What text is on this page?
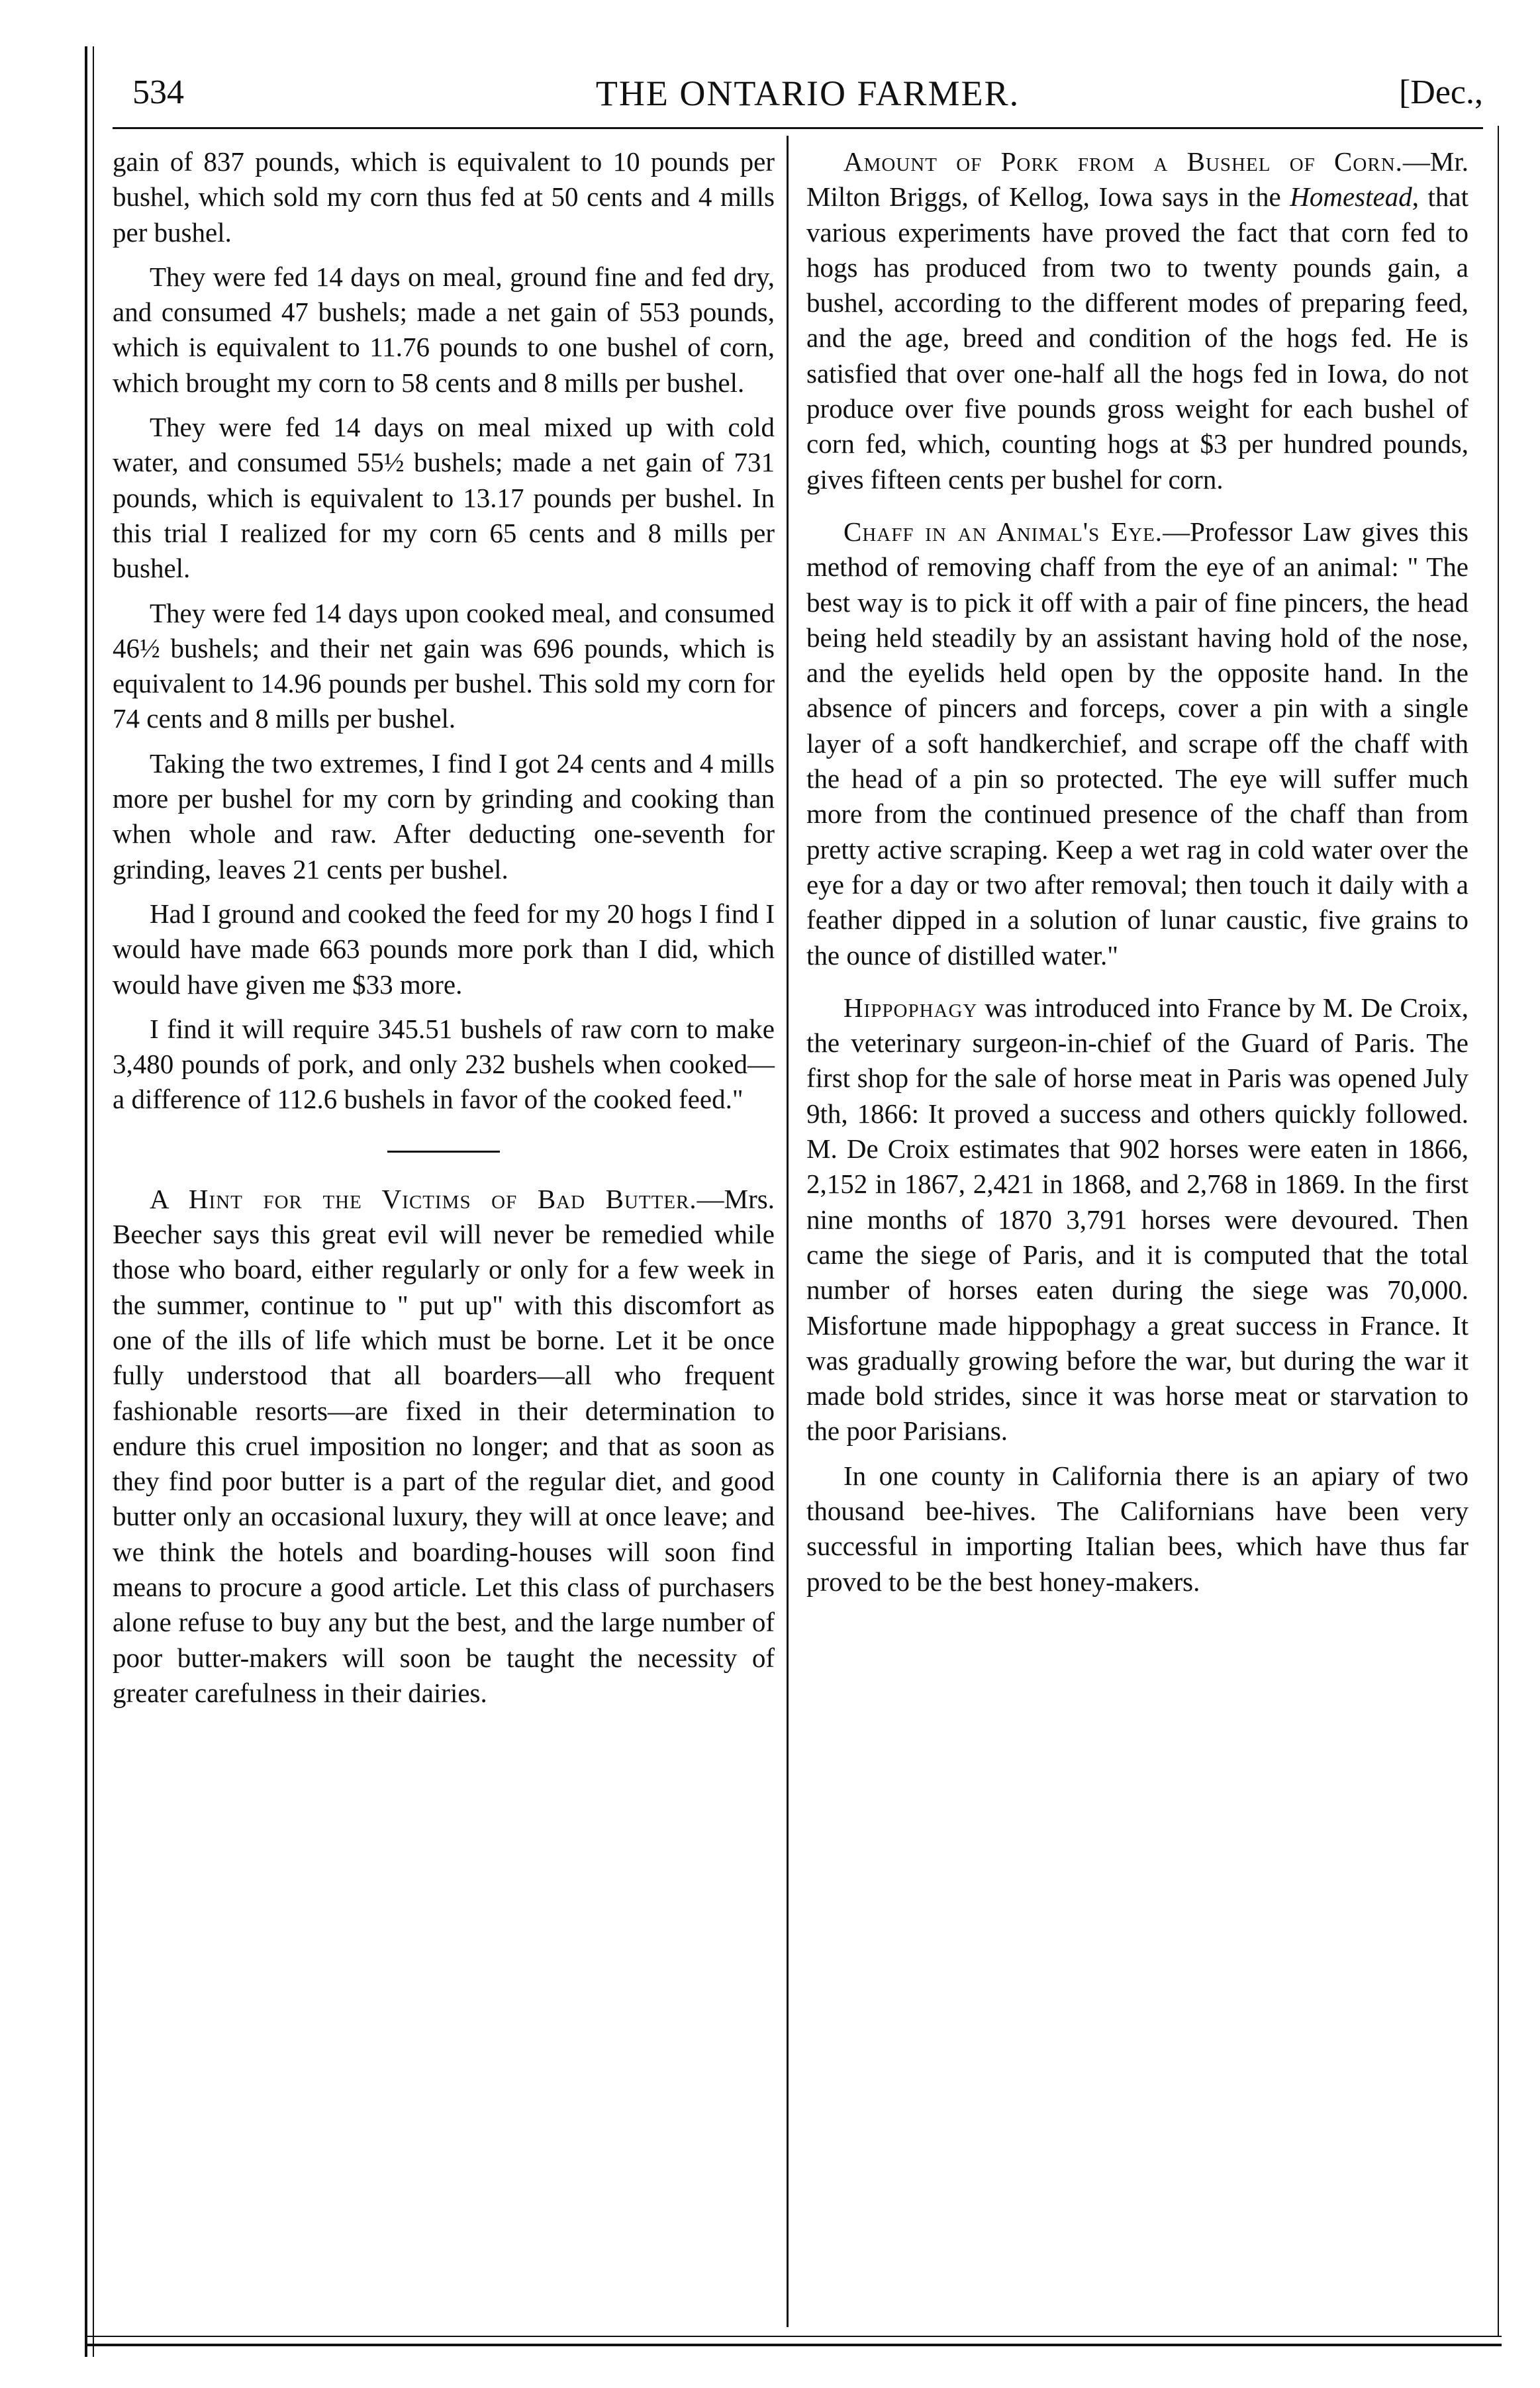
534	THE ONTARIO FARMER.	[Dec.,

gain of 837 pounds, which is equivalent to 10 pounds per bushel, which sold my corn thus fed at 50 cents and 4 mills per bushel.

They were fed 14 days on meal, ground fine and fed dry, and consumed 47 bushels; made a net gain of 553 pounds, which is equivalent to 11.76 pounds to one bushel of corn, which brought my corn to 58 cents and 8 mills per bushel.

They were fed 14 days on meal mixed up with cold water, and consumed 55½ bushels; made a net gain of 731 pounds, which is equivalent to 13.17 pounds per bushel. In this trial I realized for my corn 65 cents and 8 mills per bushel.

They were fed 14 days upon cooked meal, and consumed 46½ bushels; and their net gain was 696 pounds, which is equivalent to 14.96 pounds per bushel. This sold my corn for 74 cents and 8 mills per bushel.

Taking the two extremes, I find I got 24 cents and 4 mills more per bushel for my corn by grinding and cooking than when whole and raw. After deducting one-seventh for grinding, leaves 21 cents per bushel.

Had I ground and cooked the feed for my 20 hogs I find I would have made 663 pounds more pork than I did, which would have given me $33 more.

I find it will require 345.51 bushels of raw corn to make 3,480 pounds of pork, and only 232 bushels when cooked—a difference of 112.6 bushels in favor of the cooked feed."

A Hint for the Victims of Bad Butter.—Mrs. Beecher says this great evil will never be remedied while those who board, either regularly or only for a few week in the summer, continue to " put up" with this discomfort as one of the ills of life which must be borne. Let it be once fully understood that all boarders—all who frequent fashionable resorts—are fixed in their determination to endure this cruel imposition no longer; and that as soon as they find poor butter is a part of the regular diet, and good butter only an occasional luxury, they will at once leave; and we think the hotels and boarding-houses will soon find means to procure a good article. Let this class of purchasers alone refuse to buy any but the best, and the large number of poor butter-makers will soon be taught the necessity of greater carefulness in their dairies.

Amount of Pork from a Bushel of Corn.—Mr. Milton Briggs, of Kellog, Iowa says in the Homestead, that various experiments have proved the fact that corn fed to hogs has produced from two to twenty pounds gain, a bushel, according to the different modes of preparing feed, and the age, breed and condition of the hogs fed. He is satisfied that over one-half all the hogs fed in Iowa, do not produce over five pounds gross weight for each bushel of corn fed, which, counting hogs at $3 per hundred pounds, gives fifteen cents per bushel for corn.

Chaff in an Animal's Eye.—Professor Law gives this method of removing chaff from the eye of an animal: " The best way is to pick it off with a pair of fine pincers, the head being held steadily by an assistant having hold of the nose, and the eyelids held open by the opposite hand. In the absence of pincers and forceps, cover a pin with a single layer of a soft handkerchief, and scrape off the chaff with the head of a pin so protected. The eye will suffer much more from the continued presence of the chaff than from pretty active scraping. Keep a wet rag in cold water over the eye for a day or two after removal; then touch it daily with a feather dipped in a solution of lunar caustic, five grains to the ounce of distilled water."

Hippophagy was introduced into France by M. De Croix, the veterinary surgeon-in-chief of the Guard of Paris. The first shop for the sale of horse meat in Paris was opened July 9th, 1866: It proved a success and others quickly followed. M. De Croix estimates that 902 horses were eaten in 1866, 2,152 in 1867, 2,421 in 1868, and 2,768 in 1869. In the first nine months of 1870 3,791 horses were devoured. Then came the siege of Paris, and it is computed that the total number of horses eaten during the siege was 70,000. Misfortune made hippophagy a great success in France. It was gradually growing before the war, but during the war it made bold strides, since it was horse meat or starvation to the poor Parisians.

In one county in California there is an apiary of two thousand bee-hives. The Californians have been very successful in importing Italian bees, which have thus far proved to be the best honey-makers.
